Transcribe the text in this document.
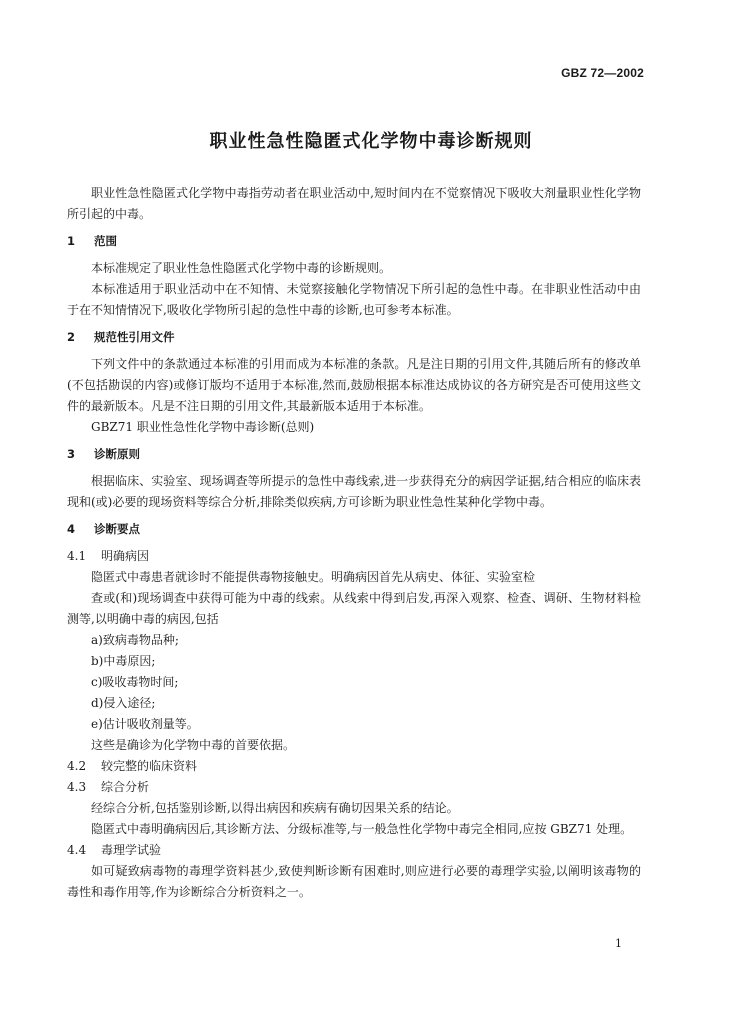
GBZ 72—2002
职业性急性隐匿式化学物中毒诊断规则

职业性急性隐匿式化学物中毒指劳动者在职业活动中,短时间内在不觉察情况下吸收大剂量职业性化学物所引起的中毒。

1 范围

本标准规定了职业性急性隐匿式化学物中毒的诊断规则。

本标准适用于职业活动中在不知情、未觉察接触化学物情况下所引起的急性中毒。在非职业性活动中由于在不知情情况下,吸收化学物所引起的急性中毒的诊断,也可参考本标准。

2 规范性引用文件

下列文件中的条款通过本标准的引用而成为本标准的条款。凡是注日期的引用文件,其随后所有的修改单(不包括勘误的内容)或修订版均不适用于本标准,然而,鼓励根据本标准达成协议的各方研究是否可使用这些文件的最新版本。凡是不注日期的引用文件,其最新版本适用于本标准。

GBZ71 职业性急性化学物中毒诊断(总则)

3 诊断原则

根据临床、实验室、现场调查等所提示的急性中毒线索,进一步获得充分的病因学证据,结合相应的临床表现和(或)必要的现场资料等综合分析,排除类似疾病,方可诊断为职业性急性某种化学物中毒。

4 诊断要点
4.1 明确病因

隐匿式中毒患者就诊时不能提供毒物接触史。明确病因首先从病史、体征、实验室检

查或(和)现场调查中获得可能为中毒的线索。从线索中得到启发,再深入观察、检查、调研、生物材料检测等,以明确中毒的病因,包括

a)致病毒物品种;

b)中毒原因;

c)吸收毒物时间;

d)侵入途径;

e)估计吸收剂量等。

这些是确诊为化学物中毒的首要依据。

4.2 较完整的临床资料
4.3 综合分析

经综合分析,包括鉴别诊断,以得出病因和疾病有确切因果关系的结论。

隐匿式中毒明确病因后,其诊断方法、分级标准等,与一般急性化学物中毒完全相同,应按 GBZ71 处理。

4.4 毒理学试验

如可疑致病毒物的毒理学资料甚少,致使判断诊断有困难时,则应进行必要的毒理学实验,以阐明该毒物的毒性和毒作用等,作为诊断综合分析资料之一。

1
